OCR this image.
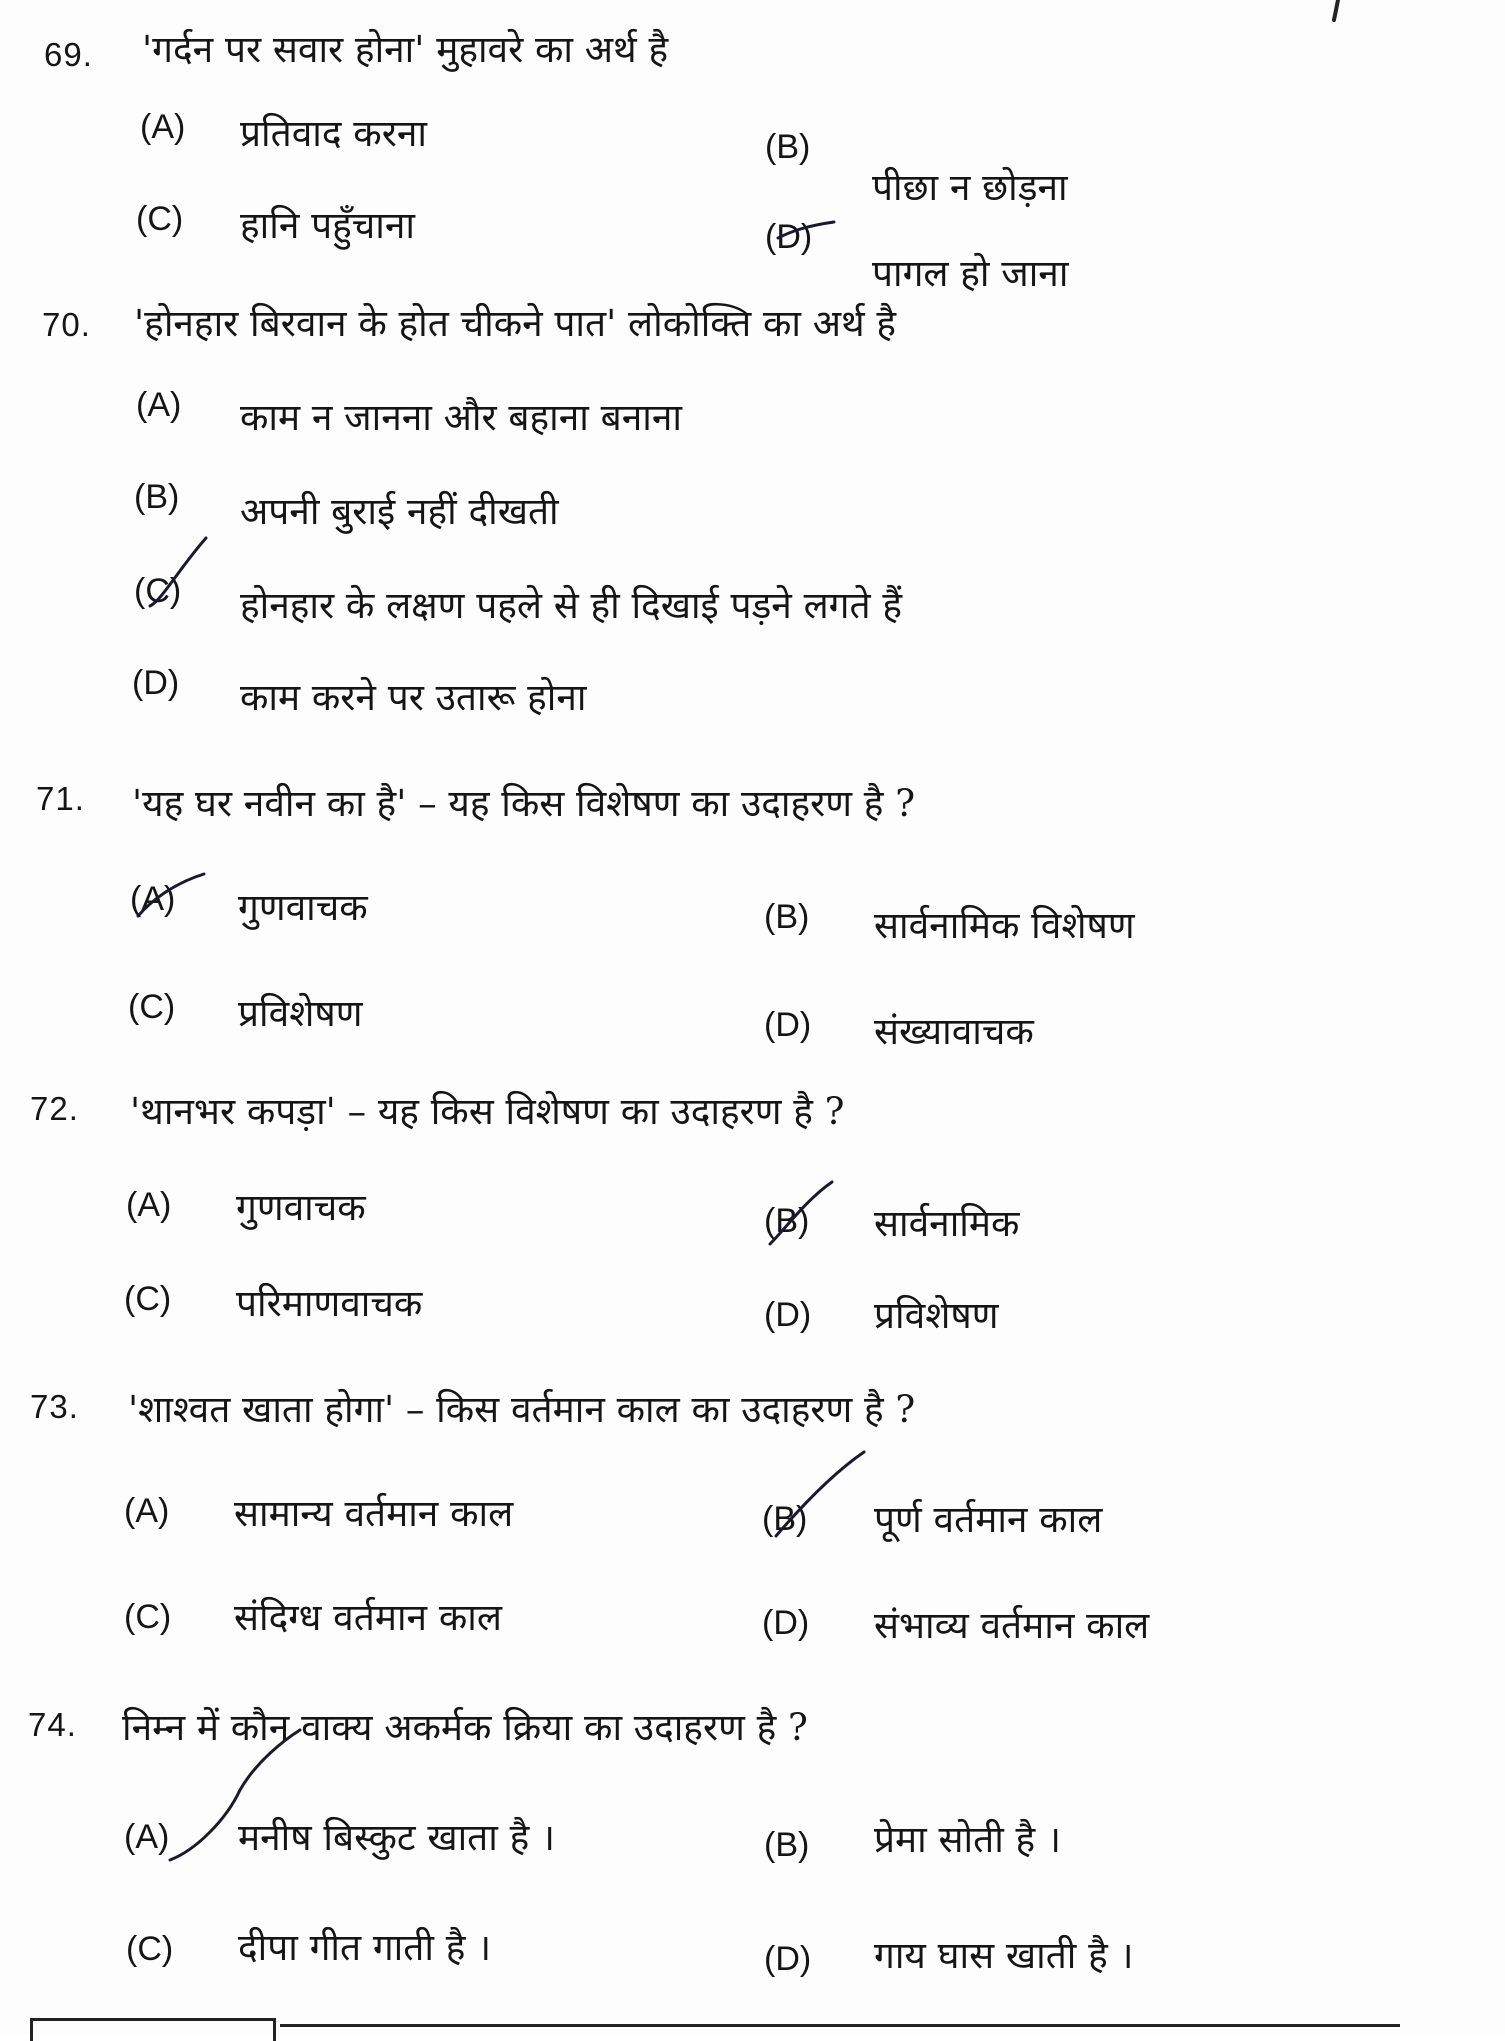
69. 'गर्दन पर सवार होना' मुहावरे का अर्थ है
(A) प्रतिवाद करना	(B)
पीछा न छोड़ना
(C) हानि पहुँचाना	(D)
पागल हो जाना
70. 'होनहार बिरवान के होत चीकने पात' लोकोक्ति का अर्थ है
(A) काम न जानना और बहाना बनाना
(B) अपनी बुराई नहीं दीखती
(C) होनहार के लक्षण पहले से ही दिखाई पड़ने लगते हैं
(D) काम करने पर उतारू होना
71. 'यह घर नवीन का है' – यह किस विशेषण का उदाहरण है ?
(A) गुणवाचक	(B) सार्वनामिक विशेषण
(C) प्रविशेषण	(D) संख्यावाचक
72. 'थानभर कपड़ा' – यह किस विशेषण का उदाहरण है ?
(A) गुणवाचक	(B) सार्वनामिक
(C) परिमाणवाचक	(D) प्रविशेषण
73. 'शाश्वत खाता होगा' – किस वर्तमान काल का उदाहरण है ?
(A) सामान्य वर्तमान काल	(B) पूर्ण वर्तमान काल
(C) संदिग्ध वर्तमान काल	(D) संभाव्य वर्तमान काल
74. निम्न में कौन वाक्य अकर्मक क्रिया का उदाहरण है ?
(A) मनीष बिस्कुट खाता है ।	(B) प्रेमा सोती है ।
(C) दीपा गीत गाती है ।	(D) गाय घास खाती है ।
